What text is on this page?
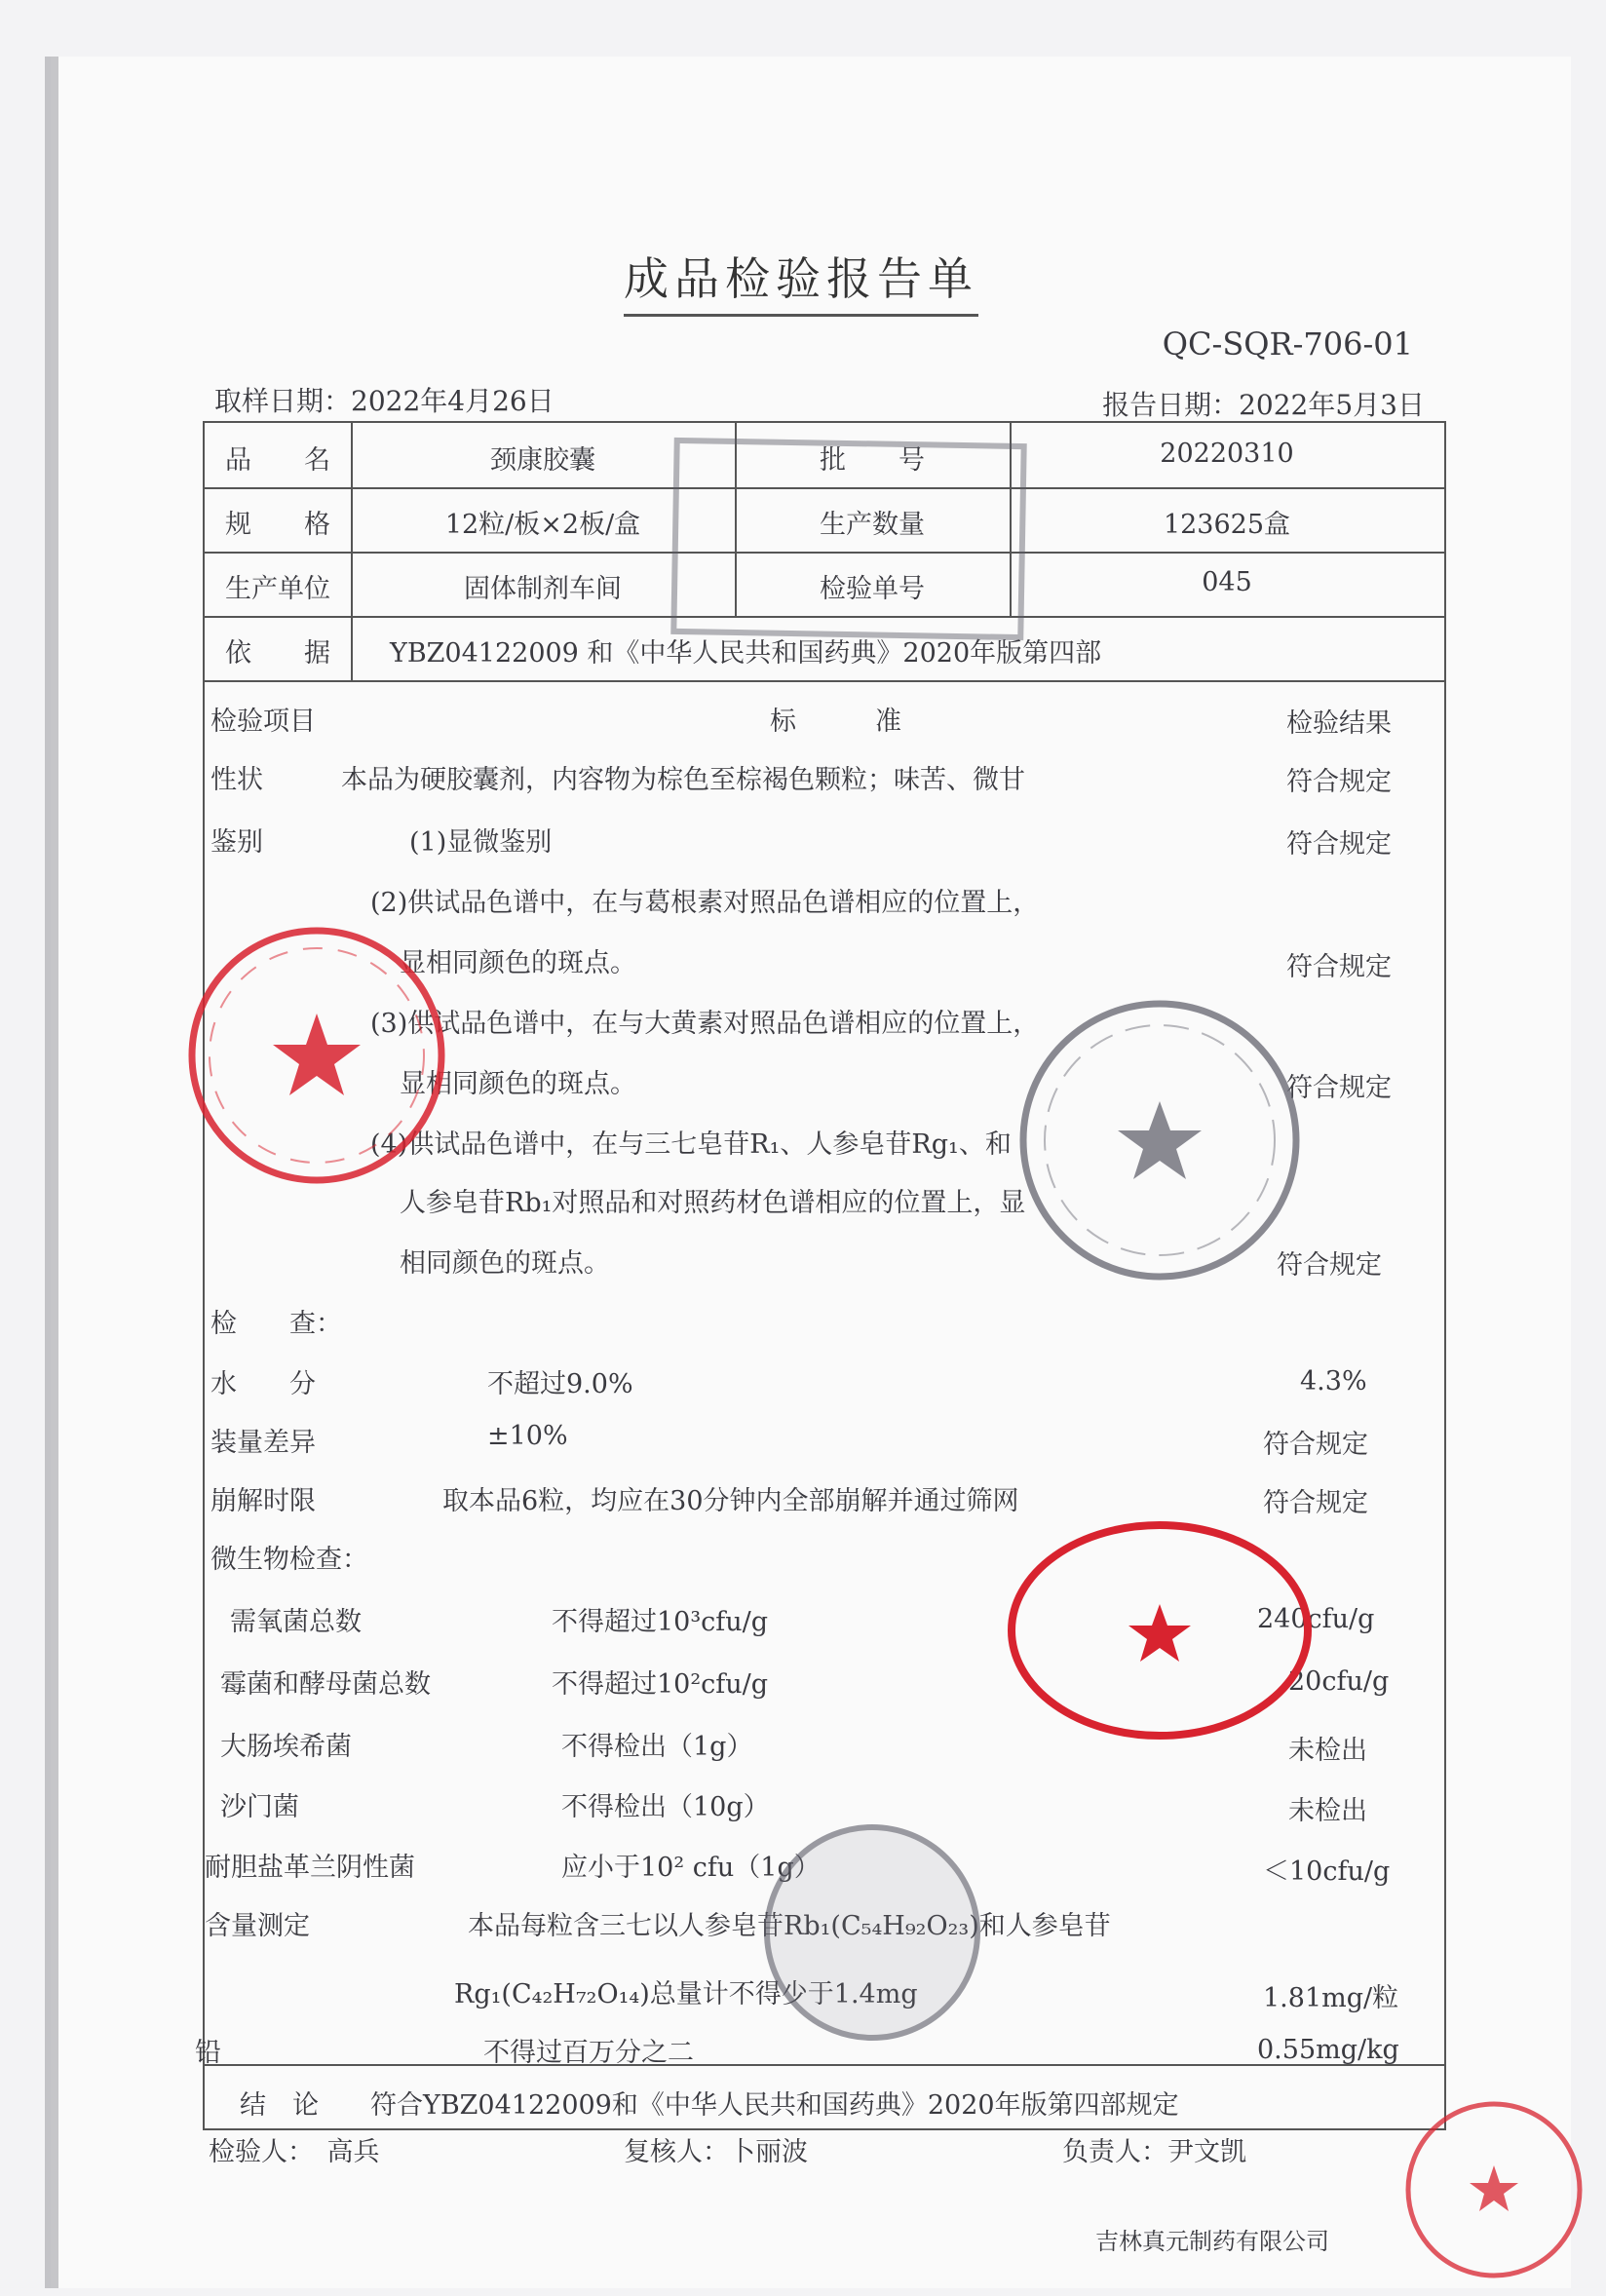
成品检验报告单
QC-SQR-706-01
取样日期：2022年4月26日	报告日期：2022年5月3日
品　　名	颈康胶囊	批　　号	20220310
规　　格	12粒/板×2板/盒	生产数量	123625盒
生产单位	固体制剂车间	检验单号	045
依　　据	YBZ04122009 和《中华人民共和国药典》2020年版第四部
检验项目	标　　　准	检验结果
性状	本品为硬胶囊剂，内容物为棕色至棕褐色颗粒；味苦、微甘	符合规定
鉴别	(1)显微鉴别	符合规定
(2)供试品色谱中，在与葛根素对照品色谱相应的位置上，
显相同颜色的斑点。	符合规定
(3)供试品色谱中，在与大黄素对照品色谱相应的位置上，
显相同颜色的斑点。	符合规定
(4)供试品色谱中，在与三七皂苷R₁、人参皂苷Rg₁、和
人参皂苷Rb₁对照品和对照药材色谱相应的位置上，显
相同颜色的斑点。	符合规定
检　　查：
水　　分	不超过9.0%	4.3%
装量差异	±10%	符合规定
崩解时限	取本品6粒，均应在30分钟内全部崩解并通过筛网	符合规定
微生物检查：
需氧菌总数	不得超过10³cfu/g	240cfu/g
霉菌和酵母菌总数	不得超过10²cfu/g	20cfu/g
大肠埃希菌	不得检出（1g）	未检出
沙门菌	不得检出（10g）	未检出
耐胆盐革兰阴性菌	应小于10² cfu（1g）	＜10cfu/g
含量测定	本品每粒含三七以人参皂苷Rb₁(C₅₄H₉₂O₂₃)和人参皂苷
Rg₁(C₄₂H₇₂O₁₄)总量计不得少于1.4mg	1.81mg/粒
铅	不得过百万分之二	0.55mg/kg
结　论 符合YBZ04122009和《中华人民共和国药典》2020年版第四部规定
检验人：　高兵	复核人：卜丽波	负责人：尹文凯
吉林真元制药有限公司
